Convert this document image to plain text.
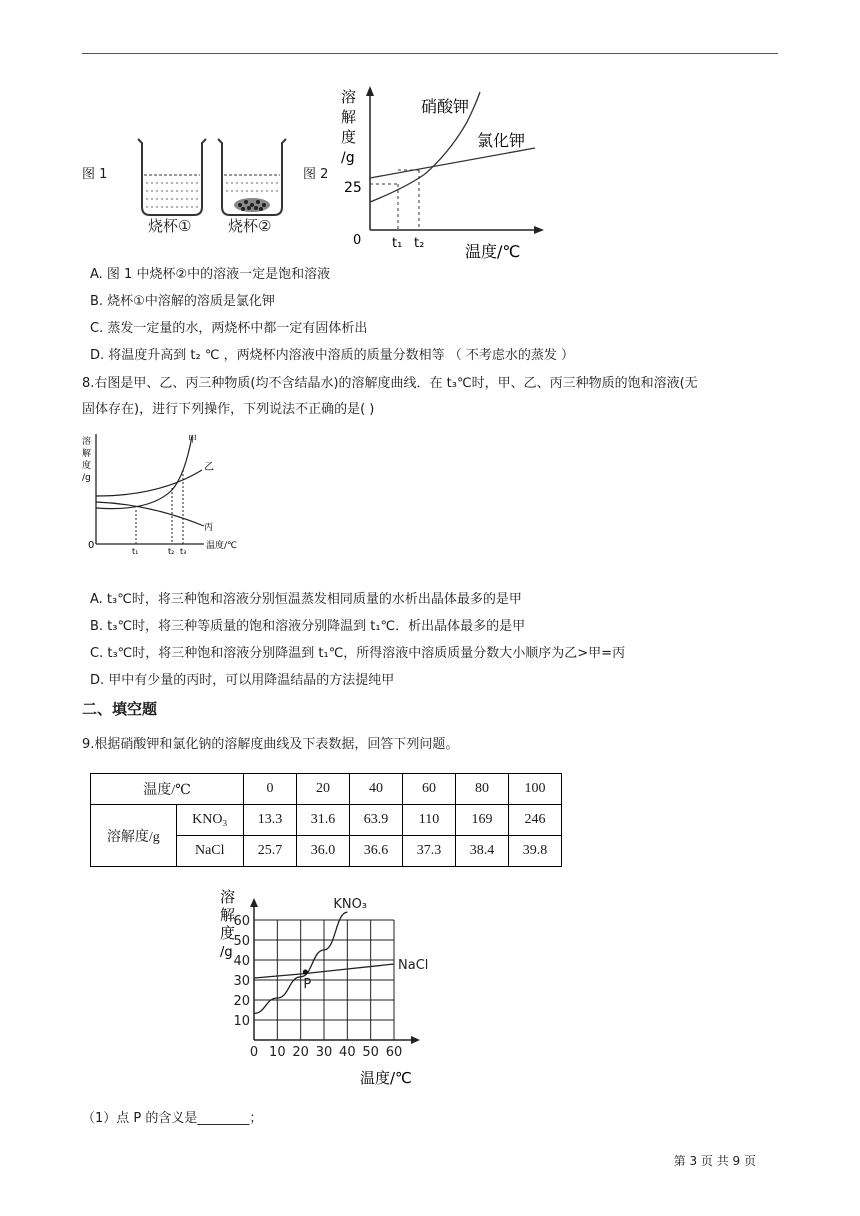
图 1
烧杯① 烧杯②
图 2
溶
解
度
/g
25
0 t₁ t₂
硝酸钾
氯化钾
温度/℃
A. 图 1 中烧杯②中的溶液一定是饱和溶液
B. 烧杯①中溶解的溶质是氯化钾
C. 蒸发一定量的水，两烧杯中都一定有固体析出
D. 将温度升高到 t₂ ℃ ，两烧杯内溶液中溶质的质量分数相等 （ 不考虑水的蒸发 ）
8.右图是甲、乙、丙三种物质(均不含结晶水)的溶解度曲线．在 t₃℃时，甲、乙、丙三种物质的饱和溶液(无
固体存在)，进行下列操作，下列说法不正确的是( )
溶
解
度
/g
甲
乙
丙
0
t₁	t₂ t₃
温度/℃
A. t₃℃时，将三种饱和溶液分别恒温蒸发相同质量的水析出晶体最多的是甲
B. t₃℃时，将三种等质量的饱和溶液分别降温到 t₁℃．析出晶体最多的是甲
C. t₃℃时，将三种饱和溶液分别降温到 t₁℃，所得溶液中溶质质量分数大小顺序为乙>甲=丙
D. 甲中有少量的丙时，可以用降温结晶的方法提纯甲
二、填空题
9.根据硝酸钾和氯化钠的溶解度曲线及下表数据，回答下列问题。
温度/℃		0	20	40	60	80	100
溶解度/g	KNO₃	13.3	31.6	63.9	110	169	246
	NaCl	25.7	36.0	36.6	37.3	38.4	39.8
0 10 20 30 40 50 60
10
20
30
40
50
60
KNO₃
NaCl
P
溶
解
度
/g
温度/℃
（1）点 P 的含义是________；
第 3 页 共 9 页
